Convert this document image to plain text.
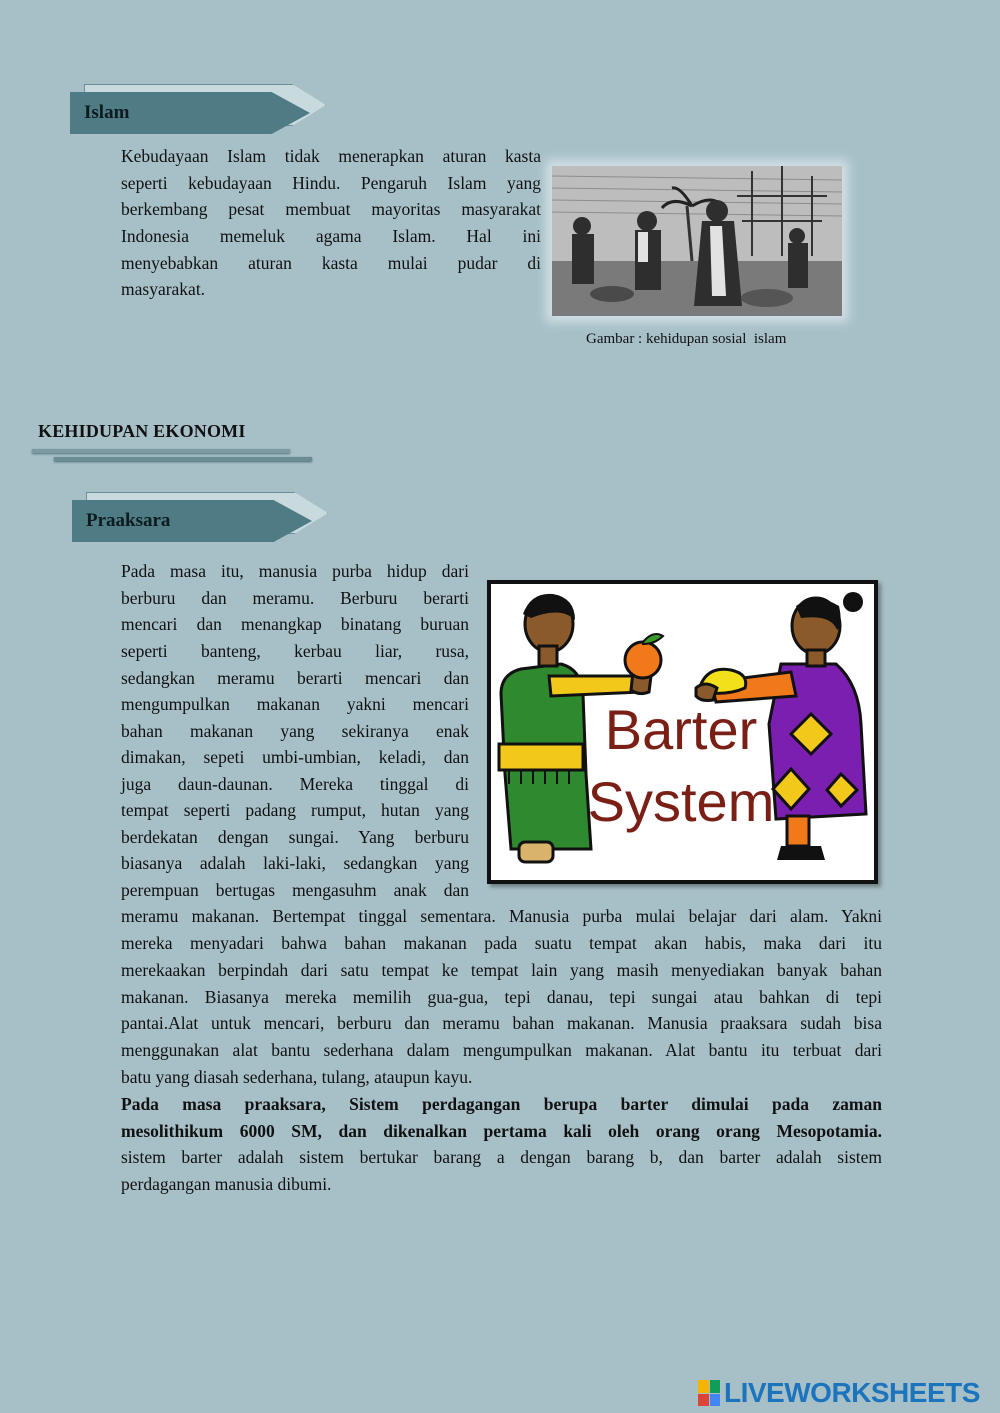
Islam
Kebudayaan Islam tidak menerapkan aturan kasta
seperti kebudayaan Hindu. Pengaruh Islam yang
berkembang pesat membuat mayoritas masyarakat
Indonesia memeluk agama Islam. Hal ini
menyebabkan aturan kasta mulai pudar di
masyarakat.
Gambar : kehidupan sosial  islam
KEHIDUPAN EKONOMI
Praaksara
Pada masa itu, manusia purba hidup dari
berburu dan meramu. Berburu berarti
mencari dan menangkap binatang buruan
seperti banteng, kerbau liar, rusa,
sedangkan meramu berarti mencari dan
mengumpulkan makanan yakni mencari
bahan makanan yang sekiranya enak
dimakan, sepeti umbi-umbian, keladi, dan
juga daun-daunan. Mereka tinggal di
tempat seperti padang rumput, hutan yang
berdekatan dengan sungai. Yang berburu
biasanya adalah laki-laki, sedangkan yang
perempuan bertugas mengasuhm anak dan
Barter
System
meramu makanan. Bertempat tinggal sementara. Manusia purba mulai belajar dari alam. Yakni
mereka menyadari bahwa bahan makanan pada suatu tempat akan habis, maka dari itu
merekaakan berpindah dari satu tempat ke tempat lain yang masih menyediakan banyak bahan
makanan. Biasanya mereka memilih gua-gua, tepi danau, tepi sungai atau bahkan di tepi
pantai.Alat untuk mencari, berburu dan meramu bahan makanan. Manusia praaksara sudah bisa
menggunakan alat bantu sederhana dalam mengumpulkan makanan. Alat bantu itu terbuat dari
batu yang diasah sederhana, tulang, ataupun kayu.
Pada masa praaksara, Sistem perdagangan berupa barter dimulai pada zaman
mesolithikum 6000 SM, dan dikenalkan pertama kali oleh orang orang Mesopotamia.
sistem barter adalah sistem bertukar barang a dengan barang b, dan barter adalah sistem
perdagangan manusia dibumi.
LIVEWORKSHEETS
